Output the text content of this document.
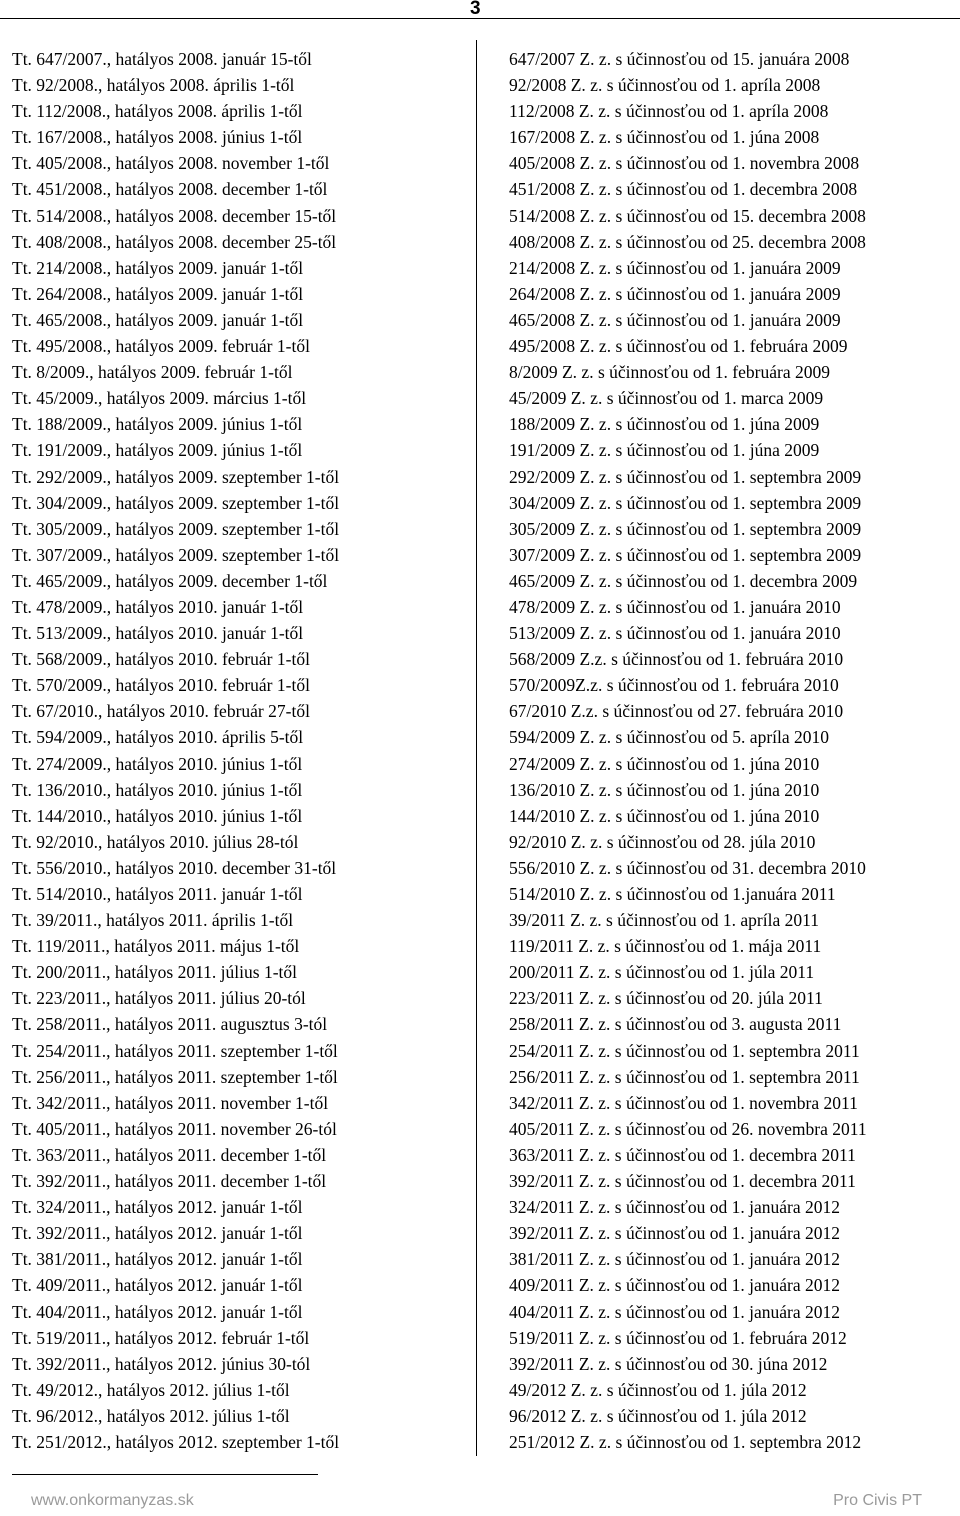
3
Tt. 647/2007., hatályos 2008. január 15-től
Tt. 92/2008., hatályos 2008. április 1-től
Tt. 112/2008., hatályos 2008. április 1-től
Tt. 167/2008., hatályos 2008. június 1-től
Tt. 405/2008., hatályos 2008. november 1-től
Tt. 451/2008., hatályos 2008. december 1-től
Tt. 514/2008., hatályos 2008. december 15-től
Tt. 408/2008., hatályos 2008. december 25-től
Tt. 214/2008., hatályos 2009. január 1-től
Tt. 264/2008., hatályos 2009. január 1-től
Tt. 465/2008., hatályos 2009. január 1-től
Tt. 495/2008., hatályos 2009. február 1-től
Tt. 8/2009., hatályos 2009. február 1-től
Tt. 45/2009., hatályos 2009. március 1-től
Tt. 188/2009., hatályos 2009. június 1-től
Tt. 191/2009., hatályos 2009. június 1-től
Tt. 292/2009., hatályos 2009. szeptember 1-től
Tt. 304/2009., hatályos 2009. szeptember 1-től
Tt. 305/2009., hatályos 2009. szeptember 1-től
Tt. 307/2009., hatályos 2009. szeptember 1-től
Tt. 465/2009., hatályos 2009. december 1-től
Tt. 478/2009., hatályos 2010. január 1-től
Tt. 513/2009., hatályos 2010. január 1-től
Tt. 568/2009., hatályos 2010. február 1-től
Tt. 570/2009., hatályos 2010. február 1-től
Tt. 67/2010., hatályos 2010. február 27-től
Tt. 594/2009., hatályos 2010. április 5-től
Tt. 274/2009., hatályos 2010. június 1-től
Tt. 136/2010., hatályos 2010. június 1-től
Tt. 144/2010., hatályos 2010. június 1-től
Tt. 92/2010., hatályos 2010. július 28-tól
Tt. 556/2010., hatályos 2010. december 31-től
Tt. 514/2010., hatályos 2011. január 1-től
Tt. 39/2011., hatályos 2011. április 1-től
Tt. 119/2011., hatályos 2011. május 1-től
Tt. 200/2011., hatályos 2011. július 1-től
Tt. 223/2011., hatályos 2011. július 20-tól
Tt. 258/2011., hatályos 2011. augusztus 3-tól
Tt. 254/2011., hatályos 2011. szeptember 1-től
Tt. 256/2011., hatályos 2011. szeptember 1-től
Tt. 342/2011., hatályos 2011. november 1-től
Tt. 405/2011., hatályos 2011. november 26-tól
Tt. 363/2011., hatályos 2011. december 1-től
Tt. 392/2011., hatályos 2011. december 1-től
Tt. 324/2011., hatályos 2012. január 1-től
Tt. 392/2011., hatályos 2012. január 1-től
Tt. 381/2011., hatályos 2012. január 1-től
Tt. 409/2011., hatályos 2012. január 1-től
Tt. 404/2011., hatályos 2012. január 1-től
Tt. 519/2011., hatályos 2012. február 1-től
Tt. 392/2011., hatályos 2012. június 30-tól
Tt. 49/2012., hatályos 2012. július 1-től
Tt. 96/2012., hatályos 2012. július 1-től
Tt. 251/2012., hatályos 2012. szeptember 1-től
647/2007 Z. z. s účinnosťou od 15. januára 2008
92/2008 Z. z. s účinnosťou od 1. apríla 2008
112/2008 Z. z. s účinnosťou od 1. apríla 2008
167/2008 Z. z. s účinnosťou od 1. júna 2008
405/2008 Z. z. s účinnosťou od 1. novembra 2008
451/2008 Z. z. s účinnosťou od 1. decembra 2008
514/2008 Z. z. s účinnosťou od 15. decembra 2008
408/2008 Z. z. s účinnosťou od 25. decembra 2008
214/2008 Z. z. s účinnosťou od 1. januára 2009
264/2008 Z. z. s účinnosťou od 1. januára 2009
465/2008 Z. z. s účinnosťou od 1. januára 2009
495/2008 Z. z. s účinnosťou od 1. februára 2009
8/2009 Z. z. s účinnosťou od 1. februára 2009
45/2009 Z. z. s účinnosťou od 1. marca 2009
188/2009 Z. z. s účinnosťou od 1. júna 2009
191/2009 Z. z. s účinnosťou od 1. júna 2009
292/2009 Z. z. s účinnosťou od 1. septembra 2009
304/2009 Z. z. s účinnosťou od 1. septembra 2009
305/2009 Z. z. s účinnosťou od 1. septembra 2009
307/2009 Z. z. s účinnosťou od 1. septembra 2009
465/2009 Z. z. s účinnosťou od 1. decembra 2009
478/2009 Z. z. s účinnosťou od 1. januára 2010
513/2009 Z. z. s účinnosťou od 1. januára 2010
568/2009 Z.z. s účinnosťou od 1. februára 2010
570/2009Z.z. s účinnosťou od 1. februára 2010
67/2010 Z.z. s účinnosťou od 27. februára 2010
594/2009 Z. z. s účinnosťou od 5. apríla 2010
274/2009 Z. z. s účinnosťou od 1. júna 2010
136/2010 Z. z. s účinnosťou od 1. júna 2010
144/2010 Z. z. s účinnosťou od 1. júna 2010
92/2010 Z. z. s účinnosťou od 28. júla 2010
556/2010 Z. z. s účinnosťou od 31. decembra 2010
514/2010 Z. z. s účinnosťou od 1.januára 2011
39/2011 Z. z. s účinnosťou od 1. apríla 2011
119/2011 Z. z. s účinnosťou od 1. mája 2011
200/2011 Z. z. s účinnosťou od 1. júla 2011
223/2011 Z. z. s účinnosťou od 20. júla 2011
258/2011 Z. z. s účinnosťou od 3. augusta 2011
254/2011 Z. z. s účinnosťou od 1. septembra 2011
256/2011 Z. z. s účinnosťou od 1. septembra 2011
342/2011 Z. z. s účinnosťou od 1. novembra 2011
405/2011 Z. z. s účinnosťou od 26. novembra 2011
363/2011 Z. z. s účinnosťou od 1. decembra 2011
392/2011 Z. z. s účinnosťou od 1. decembra 2011
324/2011 Z. z. s účinnosťou od 1. januára 2012
392/2011 Z. z. s účinnosťou od 1. januára 2012
381/2011 Z. z. s účinnosťou od 1. januára 2012
409/2011 Z. z. s účinnosťou od 1. januára 2012
404/2011 Z. z. s účinnosťou od 1. januára 2012
519/2011 Z. z. s účinnosťou od 1. februára 2012
392/2011 Z. z. s účinnosťou od 30. júna 2012
49/2012 Z. z. s účinnosťou od 1. júla 2012
96/2012 Z. z. s účinnosťou od 1. júla 2012
251/2012 Z. z. s účinnosťou od 1. septembra 2012
www.onkormanyzas.sk	Pro Civis PT
